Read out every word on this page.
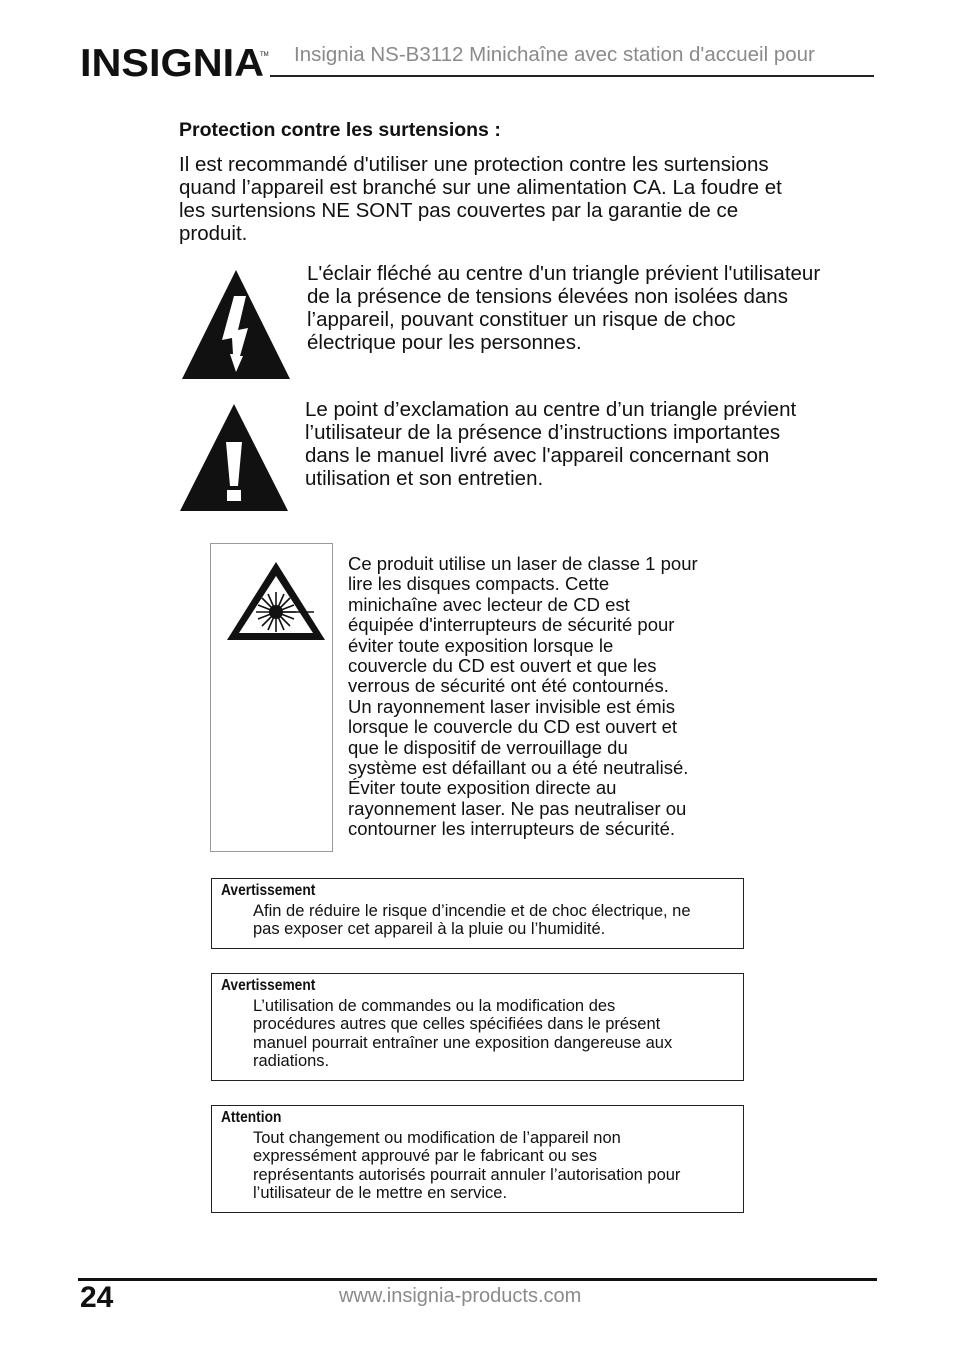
INSIGNIA
TM Insignia NS-B3112 Minichaîne avec station d'accueil pour
Protection contre les surtensions :
Il est recommandé d'utiliser une protection contre les surtensions
quand l’appareil est branché sur une alimentation CA. La foudre et
les surtensions NE SONT pas couvertes par la garantie de ce
produit.
L'éclair fléché au centre d'un triangle prévient l'utilisateur
de la présence de tensions élevées non isolées dans
l’appareil, pouvant constituer un risque de choc
électrique pour les personnes.
Le point d’exclamation au centre d’un triangle prévient
l’utilisateur de la présence d’instructions importantes
dans le manuel livré avec l'appareil concernant son
utilisation et son entretien.
Ce produit utilise un laser de classe 1 pour
lire les disques compacts. Cette
minichaîne avec lecteur de CD est
équipée d'interrupteurs de sécurité pour
éviter toute exposition lorsque le
couvercle du CD est ouvert et que les
verrous de sécurité ont été contournés.
Un rayonnement laser invisible est émis
lorsque le couvercle du CD est ouvert et
que le dispositif de verrouillage du
système est défaillant ou a été neutralisé.
Éviter toute exposition directe au
rayonnement laser. Ne pas neutraliser ou
contourner les interrupteurs de sécurité.
Avertissement
Afin de réduire le risque d’incendie et de choc électrique, ne
pas exposer cet appareil à la pluie ou l’humidité.
Avertissement
L’utilisation de commandes ou la modification des
procédures autres que celles spécifiées dans le présent
manuel pourrait entraîner une exposition dangereuse aux
radiations.
Attention
Tout changement ou modification de l’appareil non
expressément approuvé par le fabricant ou ses
représentants autorisés pourrait annuler l’autorisation pour
l’utilisateur de le mettre en service.
24	www.insignia-products.com
